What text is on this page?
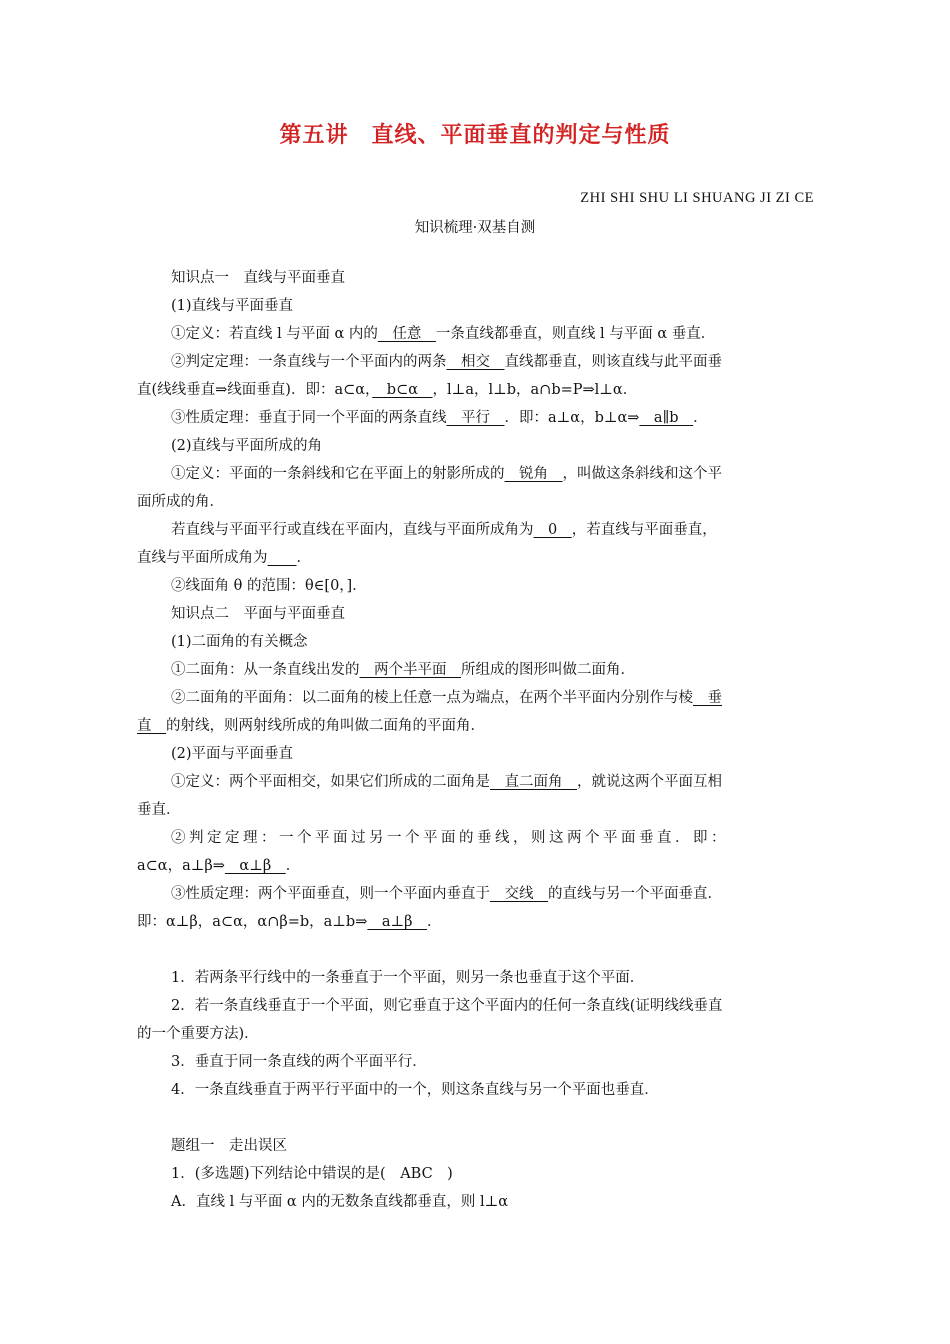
第五讲　直线、平面垂直的判定与性质
ZHI SHI SHU LI SHUANG JI ZI CE
知识梳理·双基自测

知识点一　直线与平面垂直

(1)直线与平面垂直

①定义：若直线 l 与平面 α 内的　任意　一条直线都垂直，则直线 l 与平面 α 垂直．

②判定定理：一条直线与一个平面内的两条　相交　直线都垂直，则该直线与此平面垂

直(线线垂直⇒线面垂直)．即：a⊂α，　b⊂α　，l⊥a，l⊥b，a∩b=P⇒l⊥α．

③性质定理：垂直于同一个平面的两条直线　平行　．即：a⊥α，b⊥α⇒　a∥b　．

(2)直线与平面所成的角

①定义：平面的一条斜线和它在平面上的射影所成的　锐角　，叫做这条斜线和这个平

面所成的角．

若直线与平面平行或直线在平面内，直线与平面所成角为　0　，若直线与平面垂直，

直线与平面所成角为　　 ．

②线面角 θ 的范围：θ∈[0，]．

知识点二　平面与平面垂直

(1)二面角的有关概念

①二面角：从一条直线出发的　两个半平面　所组成的图形叫做二面角．

②二面角的平面角：以二面角的棱上任意一点为端点，在两个半平面内分别作与棱　垂

直　的射线，则两射线所成的角叫做二面角的平面角．

(2)平面与平面垂直

①定义：两个平面相交，如果它们所成的二面角是　直二面角　，就说这两个平面互相

垂直．

②判定定理：一个平面过另一个平面的垂线，则这两个平面垂直．即：

a⊂α，a⊥β⇒　α⊥β　．

③性质定理：两个平面垂直，则一个平面内垂直于　交线　的直线与另一个平面垂直．

即：α⊥β，a⊂α，α∩β=b，a⊥b⇒　a⊥β　．

1．若两条平行线中的一条垂直于一个平面，则另一条也垂直于这个平面．

2．若一条直线垂直于一个平面，则它垂直于这个平面内的任何一条直线(证明线线垂直

的一个重要方法)．

3．垂直于同一条直线的两个平面平行．

4．一条直线垂直于两平行平面中的一个，则这条直线与另一个平面也垂直．

题组一　走出误区

1．(多选题)下列结论中错误的是(　ABC　)

A．直线 l 与平面 α 内的无数条直线都垂直，则 l⊥α
